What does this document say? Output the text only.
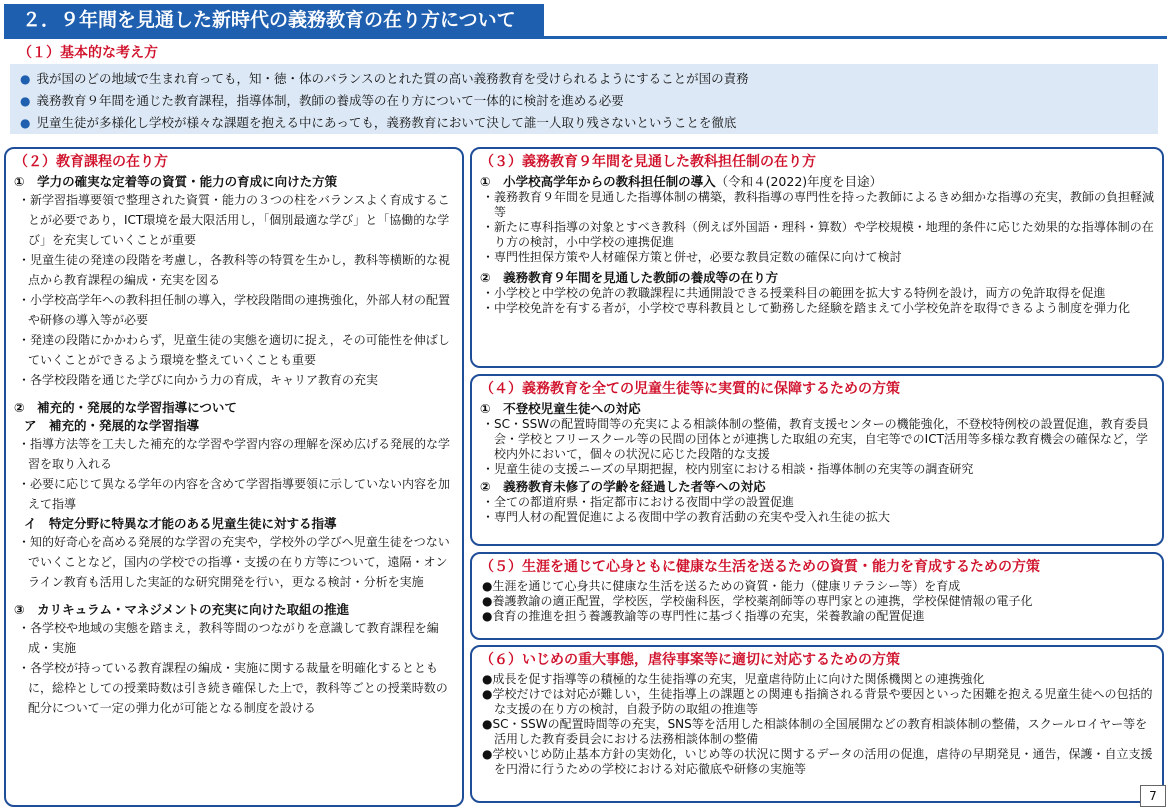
２．９年間を見通した新時代の義務教育の在り方について
（１）基本的な考え方
● 我が国のどの地域で生まれ育っても，知・徳・体のバランスのとれた質の高い義務教育を受けられるようにすることが国の責務
● 義務教育９年間を通じた教育課程，指導体制，教師の養成等の在り方について一体的に検討を進める必要
● 児童生徒が多様化し学校が様々な課題を抱える中にあっても，義務教育において決して誰一人取り残さないということを徹底
（２）教育課程の在り方
①　学力の確実な定着等の資質・能力の育成に向けた方策
・新学習指導要領で整理された資質・能力の３つの柱をバランスよく育成することが必要であり，ICT環境を最大限活用し，「個別最適な学び」と「協働的な学び」を充実していくことが重要
・児童生徒の発達の段階を考慮し，各教科等の特質を生かし，教科等横断的な視点から教育課程の編成・充実を図る
・小学校高学年への教科担任制の導入，学校段階間の連携強化，外部人材の配置や研修の導入等が必要
・発達の段階にかかわらず，児童生徒の実態を適切に捉え，その可能性を伸ばしていくことができるよう環境を整えていくことも重要
・各学校段階を通じた学びに向かう力の育成，キャリア教育の充実
②　補充的・発展的な学習指導について
ア　補充的・発展的な学習指導
・指導方法等を工夫した補充的な学習や学習内容の理解を深め広げる発展的な学習を取り入れる
・必要に応じて異なる学年の内容を含めて学習指導要領に示していない内容を加えて指導
イ　特定分野に特異な才能のある児童生徒に対する指導
・知的好奇心を高める発展的な学習の充実や，学校外の学びへ児童生徒をつないでいくことなど，国内の学校での指導・支援の在り方等について，遠隔・オンライン教育も活用した実証的な研究開発を行い，更なる検討・分析を実施
③　カリキュラム・マネジメントの充実に向けた取組の推進
・各学校や地域の実態を踏まえ，教科等間のつながりを意識して教育課程を編成・実施
・各学校が持っている教育課程の編成・実施に関する裁量を明確化するとともに，総枠としての授業時数は引き続き確保した上で，教科等ごとの授業時数の配分について一定の弾力化が可能となる制度を設ける
（３）義務教育９年間を見通した教科担任制の在り方
①　小学校高学年からの教科担任制の導入（令和４(2022)年度を目途）
・義務教育９年間を見通した指導体制の構築，教科指導の専門性を持った教師によるきめ細かな指導の充実，教師の負担軽減等
・新たに専科指導の対象とすべき教科（例えば外国語・理科・算数）や学校規模・地理的条件に応じた効果的な指導体制の在り方の検討，小中学校の連携促進
・専門性担保方策や人材確保方策と併せ，必要な教員定数の確保に向けて検討
②　義務教育９年間を見通した教師の養成等の在り方
・小学校と中学校の免許の教職課程に共通開設できる授業科目の範囲を拡大する特例を設け，両方の免許取得を促進
・中学校免許を有する者が，小学校で専科教員として勤務した経験を踏まえて小学校免許を取得できるよう制度を弾力化
（４）義務教育を全ての児童生徒等に実質的に保障するための方策
①　不登校児童生徒への対応
・SC・SSWの配置時間等の充実による相談体制の整備，教育支援センターの機能強化，不登校特例校の設置促進，教育委員会・学校とフリースクール等の民間の団体とが連携した取組の充実，自宅等でのICT活用等多様な教育機会の確保など，学校内外において，個々の状況に応じた段階的な支援
・児童生徒の支援ニーズの早期把握，校内別室における相談・指導体制の充実等の調査研究
②　義務教育未修了の学齢を経過した者等への対応
・全ての都道府県・指定都市における夜間中学の設置促進
・専門人材の配置促進による夜間中学の教育活動の充実や受入れ生徒の拡大
（５）生涯を通じて心身ともに健康な生活を送るための資質・能力を育成するための方策
●生涯を通じて心身共に健康な生活を送るための資質・能力（健康リテラシー等）を育成
●養護教諭の適正配置，学校医，学校歯科医，学校薬剤師等の専門家との連携，学校保健情報の電子化
●食育の推進を担う養護教諭等の専門性に基づく指導の充実，栄養教諭の配置促進
（６）いじめの重大事態，虐待事案等に適切に対応するための方策
●成長を促す指導等の積極的な生徒指導の充実，児童虐待防止に向けた関係機関との連携強化
●学校だけでは対応が難しい，生徒指導上の課題との関連も指摘される背景や要因といった困難を抱える児童生徒への包括的な支援の在り方の検討，自殺予防の取組の推進等
●SC・SSWの配置時間等の充実，SNS等を活用した相談体制の全国展開などの教育相談体制の整備，スクールロイヤー等を活用した教育委員会における法務相談体制の整備
●学校いじめ防止基本方針の実効化，いじめ等の状況に関するデータの活用の促進，虐待の早期発見・通告，保護・自立支援を円滑に行うための学校における対応徹底や研修の実施等
7
